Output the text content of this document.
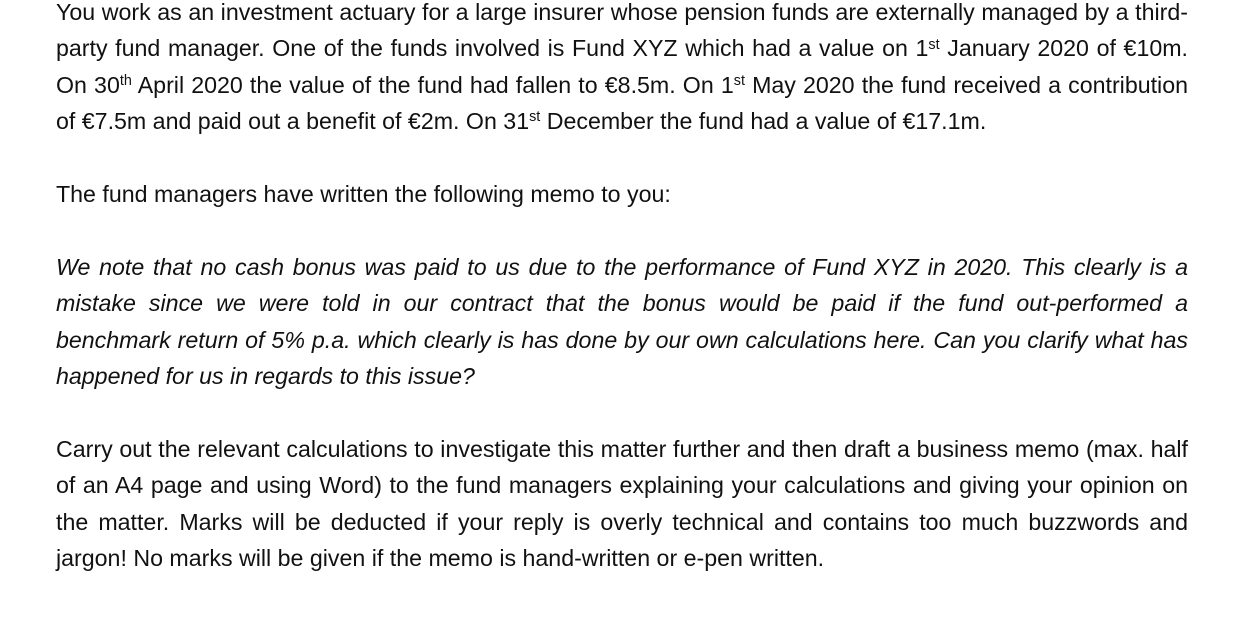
You work as an investment actuary for a large insurer whose pension funds are externally managed by a third-party fund manager. One of the funds involved is Fund XYZ which had a value on 1st January 2020 of €10m. On 30th April 2020 the value of the fund had fallen to €8.5m. On 1st May 2020 the fund received a contribution of €7.5m and paid out a benefit of €2m. On 31st December the fund had a value of €17.1m.

The fund managers have written the following memo to you:

We note that no cash bonus was paid to us due to the performance of Fund XYZ in 2020. This clearly is a mistake since we were told in our contract that the bonus would be paid if the fund out-performed a benchmark return of 5% p.a. which clearly is has done by our own calculations here. Can you clarify what has happened for us in regards to this issue?

Carry out the relevant calculations to investigate this matter further and then draft a business memo (max. half of an A4 page and using Word) to the fund managers explaining your calculations and giving your opinion on the matter. Marks will be deducted if your reply is overly technical and contains too much buzzwords and jargon! No marks will be given if the memo is hand-written or e-pen written.
